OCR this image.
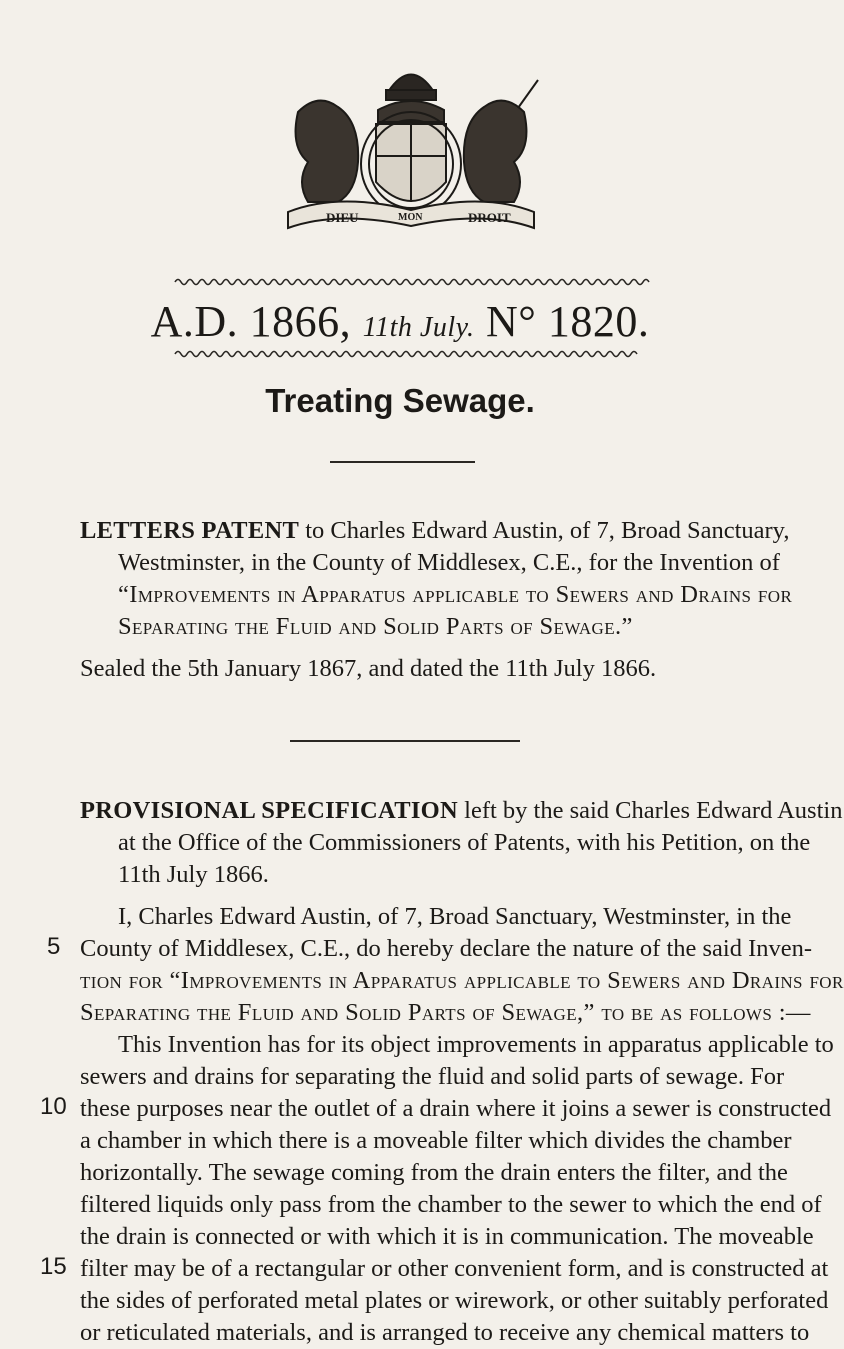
DIEU	MON	DROIT
A.D. 1866, 11th July. N° 1820.
Treating Sewage.
LETTERS PATENT to Charles Edward Austin, of 7, Broad Sanctuary,
Westminster, in the County of Middlesex, C.E., for the Invention of
“Improvements in Apparatus applicable to Sewers and Drains for
Separating the Fluid and Solid Parts of Sewage.”
Sealed the 5th January 1867, and dated the 11th July 1866.
PROVISIONAL SPECIFICATION left by the said Charles Edward Austin
at the Office of the Commissioners of Patents, with his Petition, on the
11th July 1866.
I, Charles Edward Austin, of 7, Broad Sanctuary, Westminster, in the
County of Middlesex, C.E., do hereby declare the nature of the said Inven-
tion for “Improvements in Apparatus applicable to Sewers and Drains for
Separating the Fluid and Solid Parts of Sewage,” to be as follows :—
This Invention has for its object improvements in apparatus applicable to
sewers and drains for separating the fluid and solid parts of sewage. For
these purposes near the outlet of a drain where it joins a sewer is constructed
a chamber in which there is a moveable filter which divides the chamber
horizontally. The sewage coming from the drain enters the filter, and the
filtered liquids only pass from the chamber to the sewer to which the end of
the drain is connected or with which it is in communication. The moveable
filter may be of a rectangular or other convenient form, and is constructed at
the sides of perforated metal plates or wirework, or other suitably perforated
or reticulated materials, and is arranged to receive any chemical matters to
5
10
15
